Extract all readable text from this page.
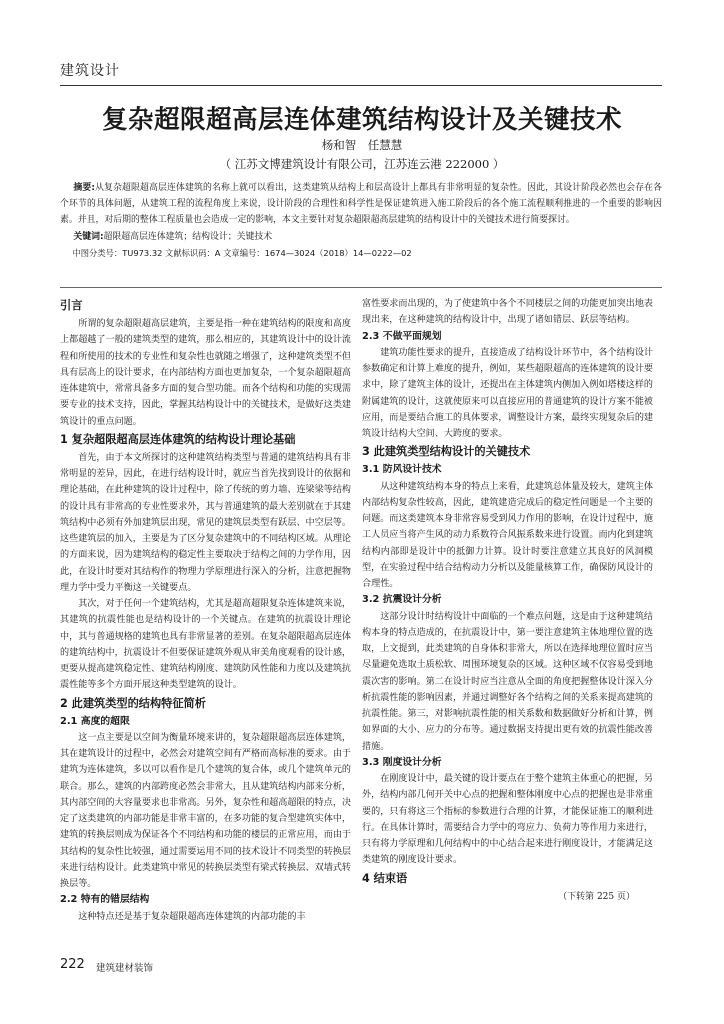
建筑设计
复杂超限超高层连体建筑结构设计及关键技术
杨和智　任慧慧
（ 江苏文博建筑设计有限公司，江苏连云港 222000 ）

摘要:从复杂超限超高层连体建筑的名称上就可以看出，这类建筑从结构上和层高设计上都具有非常明显的复杂性。因此，其设计阶段必然也会存在各个环节的具体问题，从建筑工程的流程角度上来说，设计阶段的合理性和科学性是保证建筑进入施工阶段后的各个施工流程顺利推进的一个重要的影响因素。并且，对后期的整体工程质量也会造成一定的影响，本文主要针对复杂超限超高层建筑的结构设计中的关键技术进行简要探讨。

关键词:超限超高层连体建筑；结构设计；关键技术

中图分类号：TU973.32 文献标识码：A 文章编号：1674—3024（2018）14—0222—02

引言

所谓的复杂超限超高层建筑，主要是指一种在建筑结构的限度和高度上都超越了一般的建筑类型的建筑，那么相应的，其建筑设计中的设计流程和所使用的技术的专业性和复杂性也就随之增强了，这种建筑类型不但具有层高上的设计要求，在内部结构方面也更加复杂，一个复杂超限超高连体建筑中，常常具备多方面的复合型功能。而各个结构和功能的实现需要专业的技术支持，因此，掌握其结构设计中的关键技术，是做好这类建筑设计的重点问题。

1 复杂超限超高层连体建筑的结构设计理论基础

首先，由于本文所探讨的这种建筑结构类型与普通的建筑结构具有非常明显的差异，因此，在进行结构设计时，就应当首先找到设计的依据和理论基础，在此种建筑的设计过程中，除了传统的剪力墙、连梁梁等结构的设计具有非常高的专业性要求外，其与普通建筑的最大差别就在于其建筑结构中必须有外加建筑层出现，常见的建筑层类型有跃层、中空层等。这些建筑层的加入，主要是为了区分复杂建筑中的不同结构区域。从理论的方面来说，因为建筑结构的稳定性主要取决于结构之间的力学作用，因此，在设计时要对其结构作的物理力学原理进行深入的分析，注意把握物理力学中受力平衡这一关键要点。

其次，对于任何一个建筑结构，尤其是超高超限复杂连体建筑来说，其建筑的抗震性能也是结构设计的一个关键点。在建筑的抗震设计理论中，其与普通规格的建筑也具有非常显著的差别。在复杂超限超高层连体的建筑结构中，抗震设计不但要保证建筑外观从审美角度观看的设计感，更要从提高建筑稳定性、建筑结构刚度、建筑防风性能和力度以及建筑抗震性能等多个方面开展这种类型建筑的设计。

2 此建筑类型的结构特征简析
2.1 高度的超限

这一点主要是以空间为衡量环境来讲的，复杂超限超高层连体建筑，其在建筑设计的过程中，必然会对建筑空间有严格而高标准的要求。由于建筑为连体建筑，多以可以看作是几个建筑的复合体，或几个建筑单元的联合。那么，建筑的内部跨度必然会非常大，且从建筑结构内部来分析，其内部空间的大容量要求也非常高。另外，复杂性和超高超限的特点，决定了这类建筑的内部功能是非常丰富的，在多功能的复合型建筑实体中，建筑的转换层则成为保证各个不同结构和功能的楼层的正常应用，而由于其结构的复杂性比较强，通过需要运用不同的技术设计不同类型的转换层来进行结构设计。此类建筑中常见的转换层类型有梁式转换层、双墙式转换层等。

2.2 特有的错层结构

这种特点还是基于复杂超限超高连体建筑的内部功能的丰

富性要求而出现的，为了使建筑中各个不同楼层之间的功能更加突出地表现出来，在这种建筑的结构设计中，出现了诸如错层、跃层等结构。

2.3 不做平面规划

建筑功能性要求的提升，直接造成了结构设计环节中，各个结构设计参数确定和计算上难度的提升，例如，某些超限超高的连体建筑的设计要求中，除了建筑主体的设计，还提出在主体建筑内侧加入例如塔楼这样的附属建筑的设计，这就使原来可以直接应用的普通建筑的设计方案不能被应用，而是要结合施工的具体要求，调整设计方案，最终实现复杂后的建筑设计结构大空间、大跨度的要求。

3 此建筑类型结构设计的关键技术
3.1 防风设计技术

从这种建筑结构本身的特点上来看，此建筑总体量及较大，建筑主体内部结构复杂性较高，因此，建筑建造完成后的稳定性问题是一个主要的问题。而这类建筑本身非常容易受到风力作用的影响，在设计过程中，施工人员应当将产生风的动力系数符合风振系数来进行设置。而内化到建筑结构内部即是设计中的抵御力计算。设计时要注意建立其良好的风洞模型，在实验过程中结合结构动力分析以及能量核算工作，确保防风设计的合理性。

3.2 抗震设计分析

这部分设计时结构设计中面临的一个难点问题，这是由于这种建筑结构本身的特点造成的，在抗震设计中，第一要注意建筑主体地理位置的选取，上文提到，此类建筑的自身体积非常大，所以在选择地理位置时应当尽量避免选取土质松软、周围环境复杂的区域。这种区域不仅容易受到地震次害的影响。第二在设计时应当注意从全面的角度把握整体设计深入分析抗震性能的影响因素，并通过调整好各个结构之间的关系来提高建筑的抗震性能。第三，对影响抗震性能的相关系数和数据做好分析和计算，例如界面的大小、应力的分布等。通过数据支持提出更有效的抗震性能改善措施。

3.3 刚度设计分析

在刚度设计中，最关键的设计要点在于整个建筑主体重心的把握，另外，结构内部几何开关中心点的把握和整体刚度中心点的把握也是非常重要的，只有将这三个指标的参数进行合理的计算，才能保证施工的顺利进行。在具体计算时，需要结合力学中的弯应力、负荷力等作用力来进行，只有将力学原理和几何结构中的中心结合起来进行刚度设计，才能满足这类建筑的刚度设计要求。

4 结束语
（下转第 225 页）
222 建筑建材装饰
